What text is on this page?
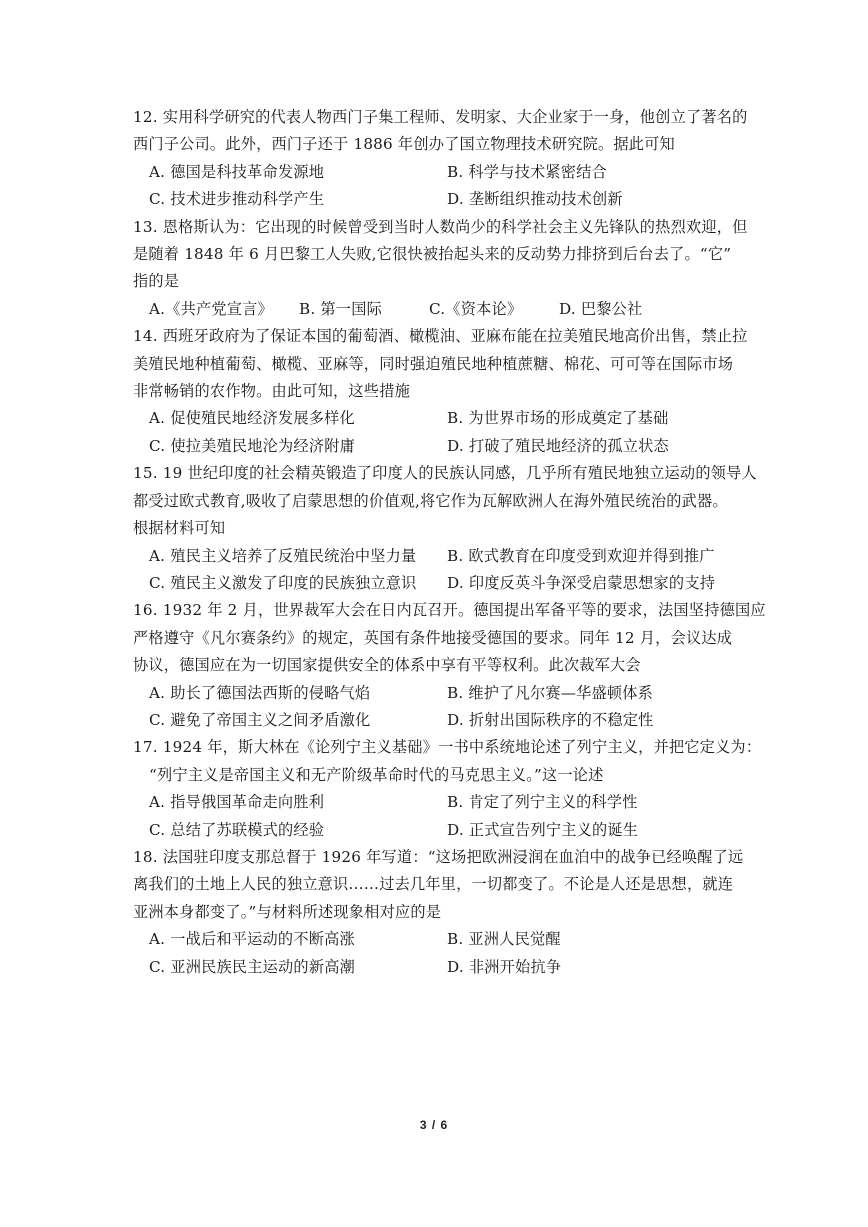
12. 实用科学研究的代表人物西门子集工程师、发明家、大企业家于一身，他创立了著名的
西门子公司。此外，西门子还于 1886 年创办了国立物理技术研究院。据此可知
A. 德国是科技革命发源地	B. 科学与技术紧密结合
C. 技术进步推动科学产生	D. 垄断组织推动技术创新
13. 恩格斯认为：它出现的时候曾受到当时人数尚少的科学社会主义先锋队的热烈欢迎，但
是随着 1848 年 6 月巴黎工人失败,它很快被抬起头来的反动势力排挤到后台去了。“它”
指的是
A.《共产党宣言》	B. 第一国际	C.《资本论》	D. 巴黎公社
14. 西班牙政府为了保证本国的葡萄酒、橄榄油、亚麻布能在拉美殖民地高价出售，禁止拉
美殖民地种植葡萄、橄榄、亚麻等，同时强迫殖民地种植蔗糖、棉花、可可等在国际市场
非常畅销的农作物。由此可知，这些措施
A. 促使殖民地经济发展多样化	B. 为世界市场的形成奠定了基础
C. 使拉美殖民地沦为经济附庸	D. 打破了殖民地经济的孤立状态
15. 19 世纪印度的社会精英锻造了印度人的民族认同感，几乎所有殖民地独立运动的领导人
都受过欧式教育,吸收了启蒙思想的价值观,将它作为瓦解欧洲人在海外殖民统治的武器。
根据材料可知
A. 殖民主义培养了反殖民统治中坚力量	B. 欧式教育在印度受到欢迎并得到推广
C. 殖民主义激发了印度的民族独立意识	D. 印度反英斗争深受启蒙思想家的支持
16. 1932 年 2 月，世界裁军大会在日内瓦召开。德国提出军备平等的要求，法国坚持德国应
严格遵守《凡尔赛条约》的规定，英国有条件地接受德国的要求。同年 12 月，会议达成
协议，德国应在为一切国家提供安全的体系中享有平等权利。此次裁军大会
A. 助长了德国法西斯的侵略气焰	B. 维护了凡尔赛—华盛顿体系
C. 避免了帝国主义之间矛盾激化	D. 折射出国际秩序的不稳定性
17. 1924 年，斯大林在《论列宁主义基础》一书中系统地论述了列宁主义，并把它定义为：
“列宁主义是帝国主义和无产阶级革命时代的马克思主义。”这一论述
A. 指导俄国革命走向胜利	B. 肯定了列宁主义的科学性
C. 总结了苏联模式的经验	D. 正式宣告列宁主义的诞生
18. 法国驻印度支那总督于 1926 年写道：“这场把欧洲浸润在血泊中的战争已经唤醒了远
离我们的土地上人民的独立意识……过去几年里，一切都变了。不论是人还是思想，就连
亚洲本身都变了。”与材料所述现象相对应的是
A. 一战后和平运动的不断高涨	B. 亚洲人民觉醒
C. 亚洲民族民主运动的新高潮	D. 非洲开始抗争
3 / 6
